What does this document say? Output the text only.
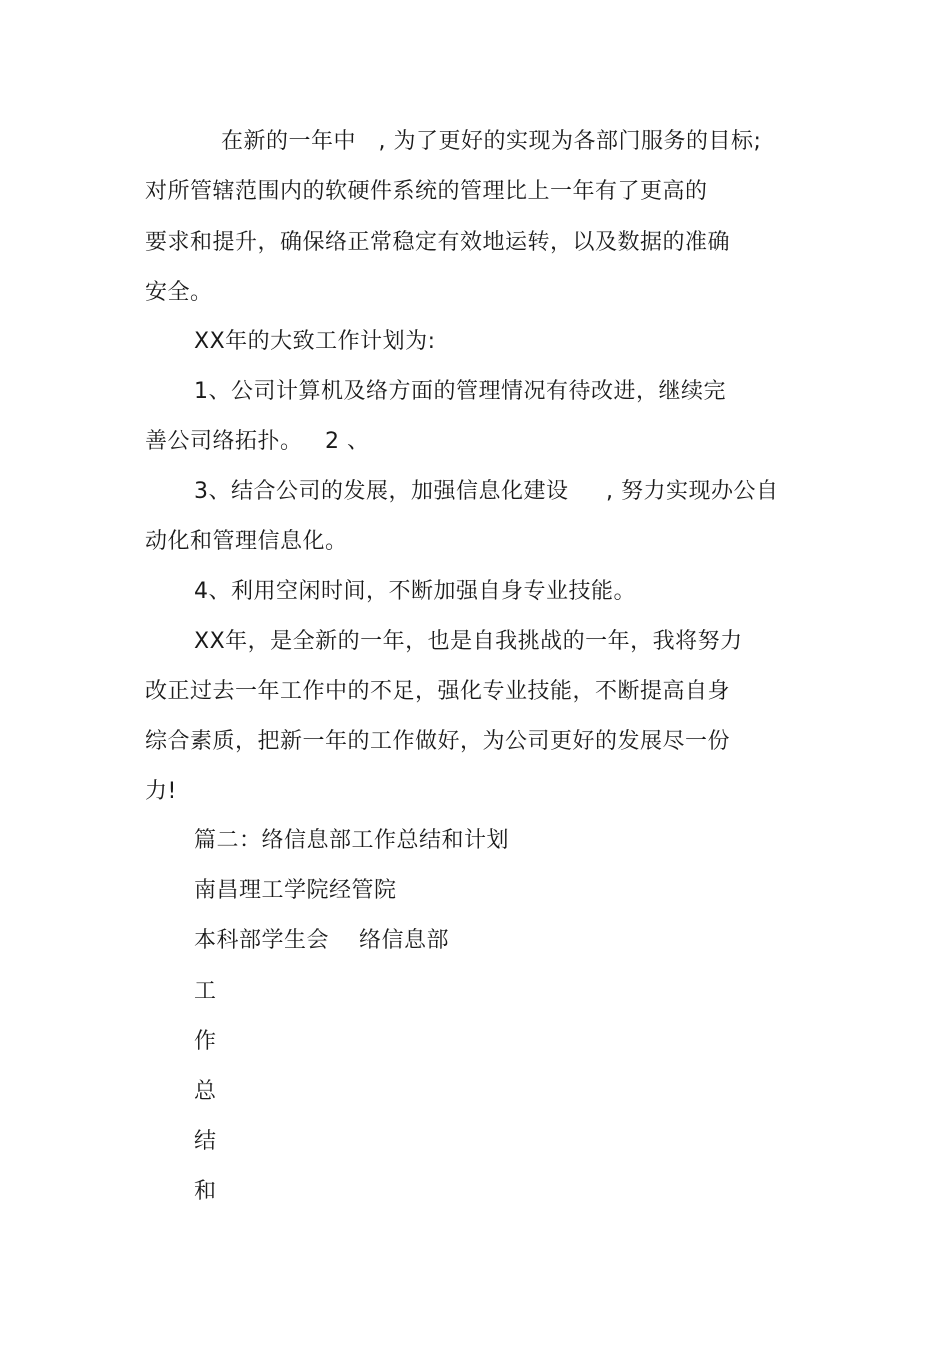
在新的一年中   , 为了更好的实现为各部门服务的目标;
对所管辖范围内的软硬件系统的管理比上一年有了更高的
要求和提升，确保络正常稳定有效地运转，以及数据的准确
安全。
XX年的大致工作计划为:
1、公司计算机及络方面的管理情况有待改进，继续完
善公司络拓扑。   2 、
3、结合公司的发展，加强信息化建设     , 努力实现办公自
动化和管理信息化。
4、利用空闲时间，不断加强自身专业技能。
XX年，是全新的一年，也是自我挑战的一年，我将努力
改正过去一年工作中的不足，强化专业技能，不断提高自身
综合素质，把新一年的工作做好，为公司更好的发展尽一份
力!
篇二：络信息部工作总结和计划
南昌理工学院经管院
本科部学生会    络信息部
工
作
总
结
和
